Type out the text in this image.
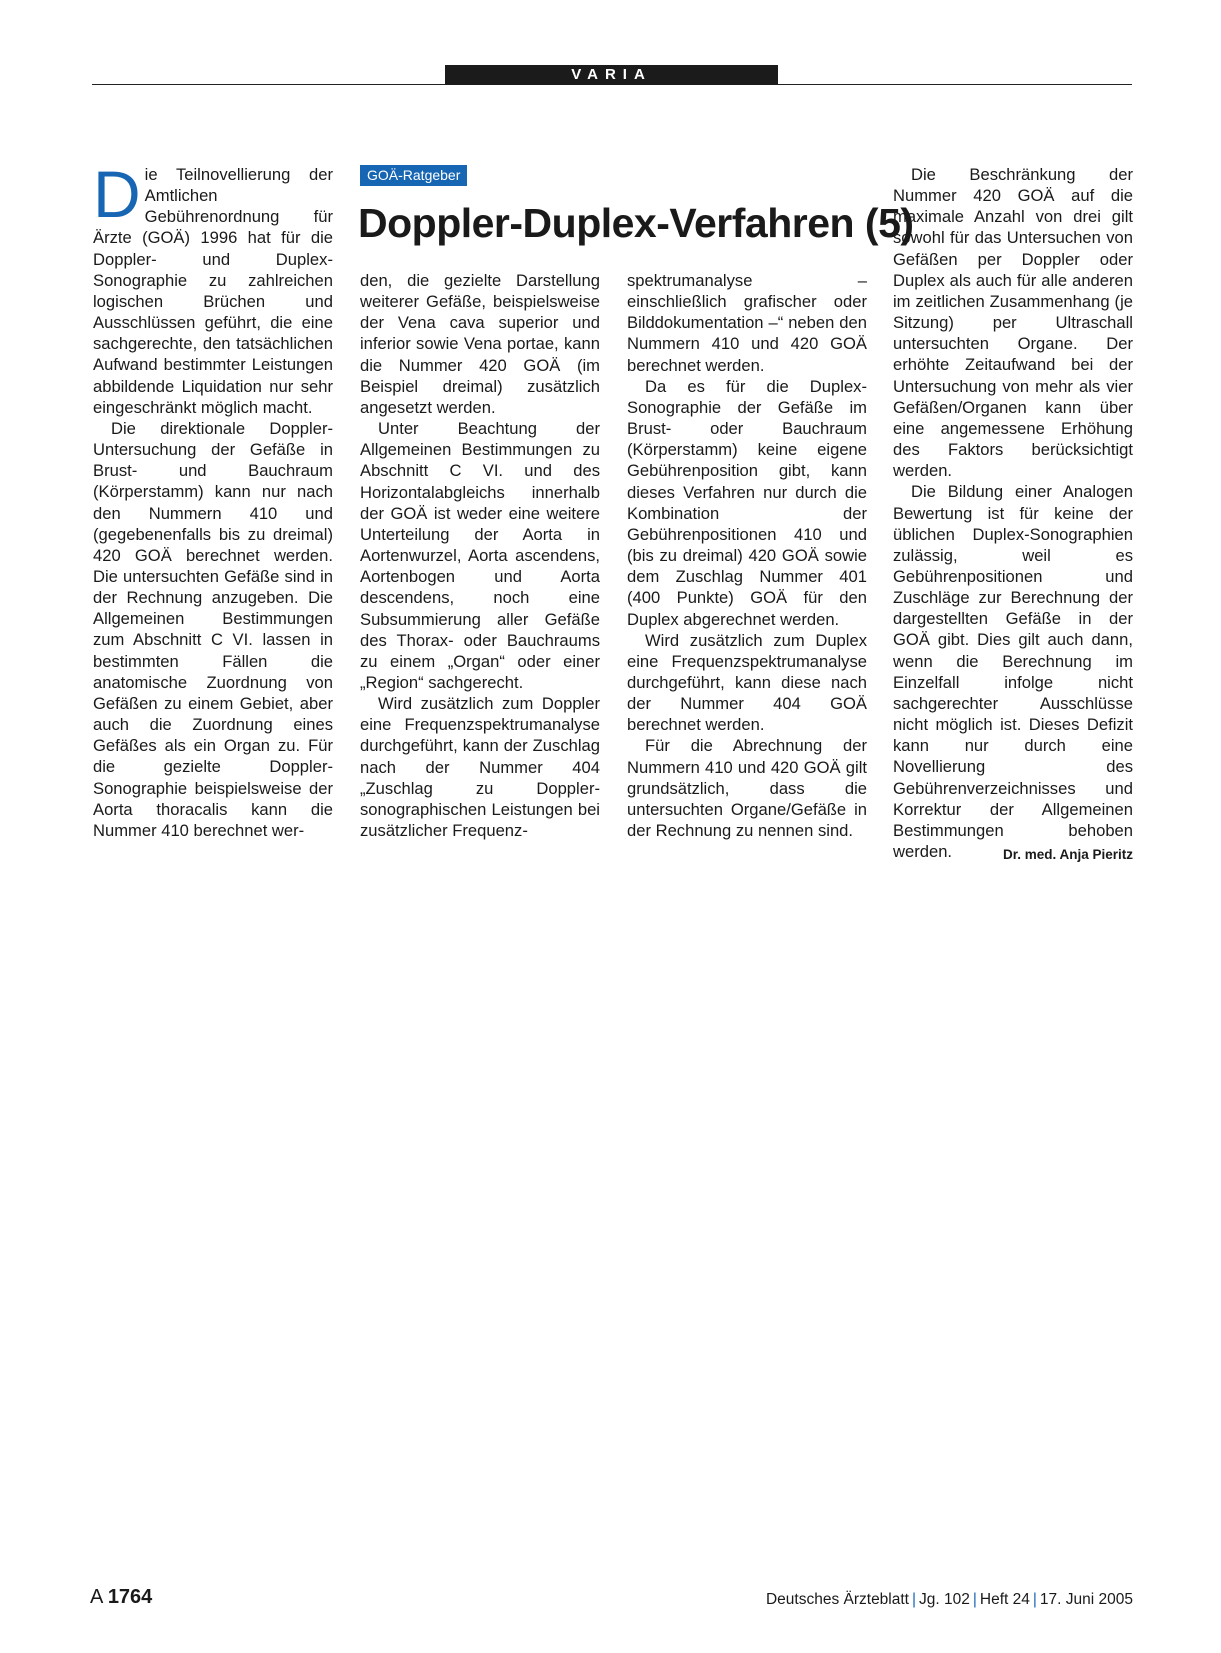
VARIA

Die Teilnovellierung der Amtlichen Gebührenordnung für Ärzte (GOÄ) 1996 hat für die Doppler- und Duplex-Sonographie zu zahlreichen logischen Brüchen und Ausschlüssen geführt, die eine sachgerechte, den tatsächlichen Aufwand bestimmter Leistungen abbildende Liquidation nur sehr eingeschränkt möglich macht.

Die direktionale Doppler-Untersuchung der Gefäße in Brust- und Bauchraum (Körperstamm) kann nur nach den Nummern 410 und (gegebenenfalls bis zu dreimal) 420 GOÄ berechnet werden. Die untersuchten Gefäße sind in der Rechnung anzugeben. Die Allgemeinen Bestimmungen zum Abschnitt C VI. lassen in bestimmten Fällen die anatomische Zuordnung von Gefäßen zu einem Gebiet, aber auch die Zuordnung eines Gefäßes als ein Organ zu. Für die gezielte Doppler-Sonographie beispielsweise der Aorta thoracalis kann die Nummer 410 berechnet wer-

GOÄ-Ratgeber
Doppler-Duplex-Verfahren (5)

den, die gezielte Darstellung weiterer Gefäße, beispielsweise der Vena cava superior und inferior sowie Vena portae, kann die Nummer 420 GOÄ (im Beispiel dreimal) zusätzlich angesetzt werden.

Unter Beachtung der Allgemeinen Bestimmungen zu Abschnitt C VI. und des Horizontalabgleichs innerhalb der GOÄ ist weder eine weitere Unterteilung der Aorta in Aortenwurzel, Aorta ascendens, Aortenbogen und Aorta descendens, noch eine Subsummierung aller Gefäße des Thorax- oder Bauchraums zu einem „Organ“ oder einer „Region“ sachgerecht.

Wird zusätzlich zum Doppler eine Frequenzspektrumanalyse durchgeführt, kann der Zuschlag nach der Nummer 404 „Zuschlag zu Doppler-sonographischen Leistungen bei zusätzlicher Frequenz-

spektrumanalyse – einschließlich grafischer oder Bilddokumentation –“ neben den Nummern 410 und 420 GOÄ berechnet werden.

Da es für die Duplex-Sonographie der Gefäße im Brust- oder Bauchraum (Körperstamm) keine eigene Gebührenposition gibt, kann dieses Verfahren nur durch die Kombination der Gebührenpositionen 410 und (bis zu dreimal) 420 GOÄ sowie dem Zuschlag Nummer 401 (400 Punkte) GOÄ für den Duplex abgerechnet werden.

Wird zusätzlich zum Duplex eine Frequenzspektrumanalyse durchgeführt, kann diese nach der Nummer 404 GOÄ berechnet werden.

Für die Abrechnung der Nummern 410 und 420 GOÄ gilt grundsätzlich, dass die untersuchten Organe/Gefäße in der Rechnung zu nennen sind.

Die Beschränkung der Nummer 420 GOÄ auf die maximale Anzahl von drei gilt sowohl für das Untersuchen von Gefäßen per Doppler oder Duplex als auch für alle anderen im zeitlichen Zusammenhang (je Sitzung) per Ultraschall untersuchten Organe. Der erhöhte Zeitaufwand bei der Untersuchung von mehr als vier Gefäßen/Organen kann über eine angemessene Erhöhung des Faktors berücksichtigt werden.

Die Bildung einer Analogen Bewertung ist für keine der üblichen Duplex-Sonographien zulässig, weil es Gebührenpositionen und Zuschläge zur Berechnung der dargestellten Gefäße in der GOÄ gibt. Dies gilt auch dann, wenn die Berechnung im Einzelfall infolge nicht sachgerechter Ausschlüsse nicht möglich ist. Dieses Defizit kann nur durch eine Novellierung des Gebührenverzeichnisses und Korrektur der Allgemeinen Bestimmungen behoben werden.	Dr. med. Anja Pieritz

A 1764	Deutsches Ärzteblatt | Jg. 102 | Heft 24 | 17. Juni 2005
